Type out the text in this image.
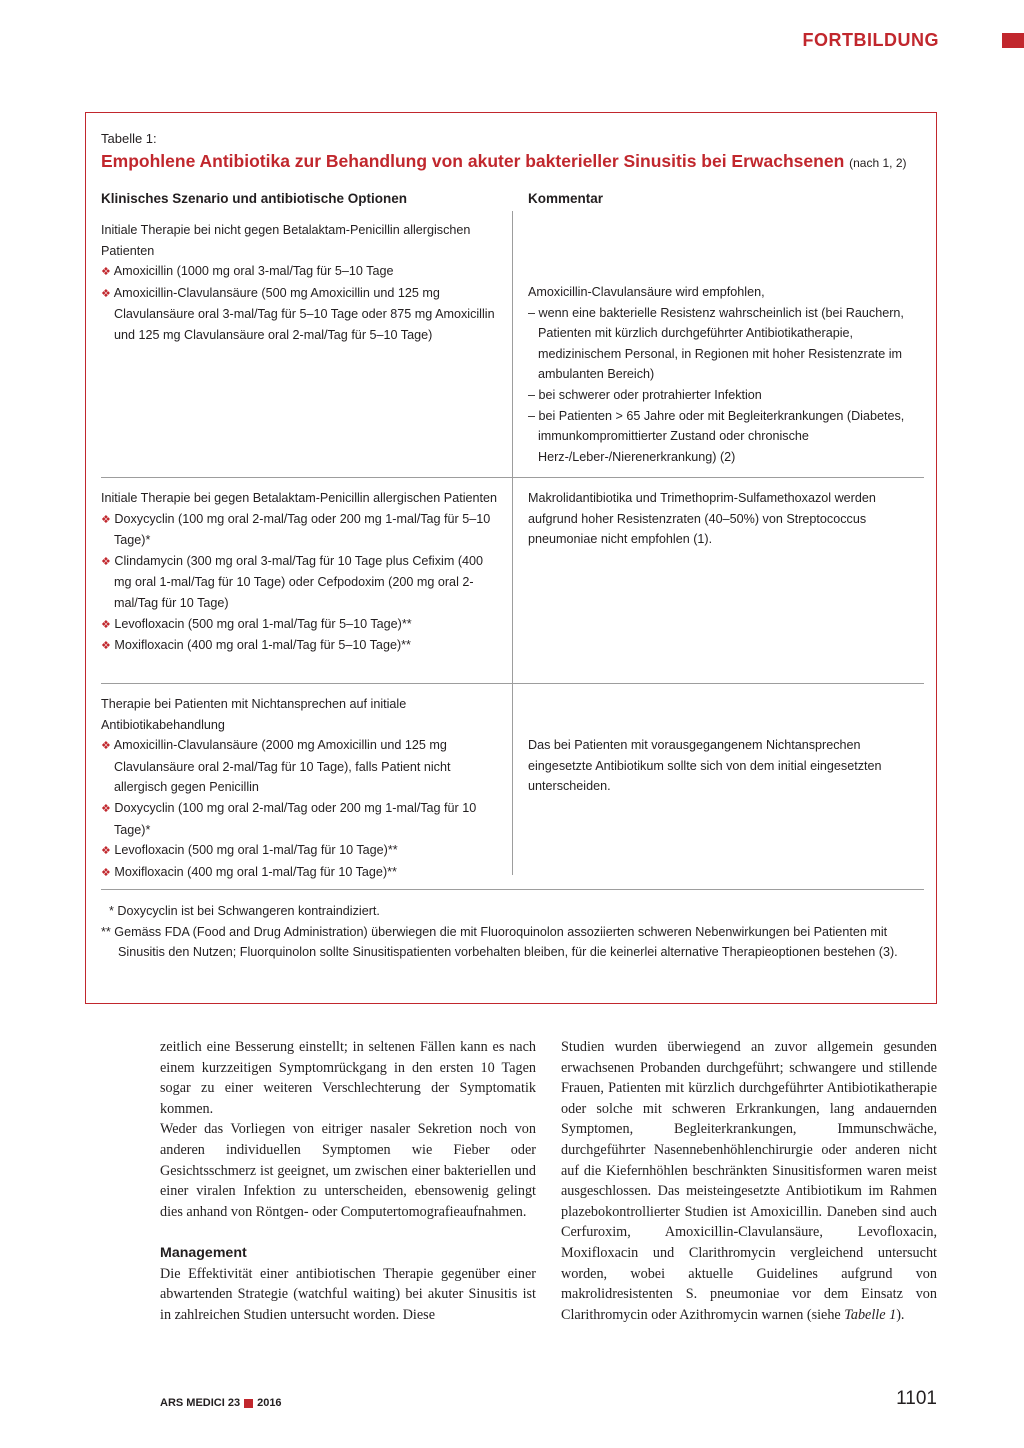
FORTBILDUNG
Tabelle 1:
Empohlene Antibiotika zur Behandlung von akuter bakterieller Sinusitis bei Erwachsenen (nach 1, 2)
Klinisches Szenario und antibiotische Optionen	Kommentar

Initiale Therapie bei nicht gegen Betalaktam-Penicillin allergischen Patienten

❖ Amoxicillin (1000 mg oral 3-mal/Tag für 5–10 Tage

❖ Amoxicillin-Clavulansäure (500 mg Amoxicillin und 125 mg Clavulansäure oral 3-mal/Tag für 5–10 Tage oder 875 mg Amoxicillin und 125 mg Clavulansäure oral 2-mal/Tag für 5–10 Tage)

Amoxicillin-Clavulansäure wird empfohlen,

– wenn eine bakterielle Resistenz wahrscheinlich ist (bei Rauchern, Patienten mit kürzlich durchgeführter Antibiotikatherapie, medizinischem Personal, in Regionen mit hoher Resistenzrate im ambulanten Bereich)

– bei schwerer oder protrahierter Infektion

– bei Patienten > 65 Jahre oder mit Begleiterkrankungen (Diabetes, immunkompromittierter Zustand oder chronische Herz-/Leber-/Nierenerkrankung) (2)

Initiale Therapie bei gegen Betalaktam-Penicillin allergischen Patienten

❖ Doxycyclin (100 mg oral 2-mal/Tag oder 200 mg 1-mal/Tag für 5–10 Tage)*

❖ Clindamycin (300 mg oral 3-mal/Tag für 10 Tage plus Cefixim (400 mg oral 1-mal/Tag für 10 Tage) oder Cefpodoxim (200 mg oral 2-mal/Tag für 10 Tage)

❖ Levofloxacin (500 mg oral 1-mal/Tag für 5–10 Tage)**

❖ Moxifloxacin (400 mg oral 1-mal/Tag für 5–10 Tage)**

Makrolidantibiotika und Trimethoprim-Sulfamethoxazol werden aufgrund hoher Resistenzraten (40–50%) von Streptococcus pneumoniae nicht empfohlen (1).

Therapie bei Patienten mit Nichtansprechen auf initiale Antibiotikabehandlung

❖ Amoxicillin-Clavulansäure (2000 mg Amoxicillin und 125 mg Clavulansäure oral 2-mal/Tag für 10 Tage), falls Patient nicht allergisch gegen Penicillin

❖ Doxycyclin (100 mg oral 2-mal/Tag oder 200 mg 1-mal/Tag für 10 Tage)*

❖ Levofloxacin (500 mg oral 1-mal/Tag für 10 Tage)**

❖ Moxifloxacin (400 mg oral 1-mal/Tag für 10 Tage)**

Das bei Patienten mit vorausgegangenem Nichtansprechen eingesetzte Antibiotikum sollte sich von dem initial eingesetzten unterscheiden.

* Doxycyclin ist bei Schwangeren kontraindiziert.

** Gemäss FDA (Food and Drug Administration) überwiegen die mit Fluoroquinolon assoziierten schweren Nebenwirkungen bei Patienten mit Sinusitis den Nutzen; Fluorquinolon sollte Sinusitispatienten vorbehalten bleiben, für die keinerlei alternative Therapieoptionen bestehen (3).

zeitlich eine Besserung einstellt; in seltenen Fällen kann es nach einem kurzzeitigen Symptomrückgang in den ersten 10 Tagen sogar zu einer weiteren Verschlechterung der Symptomatik kommen.

Weder das Vorliegen von eitriger nasaler Sekretion noch von anderen individuellen Symptomen wie Fieber oder Gesichtsschmerz ist geeignet, um zwischen einer bakteriellen und einer viralen Infektion zu unterscheiden, ebensowenig gelingt dies anhand von Röntgen- oder Computertomografieaufnahmen.

Management

Die Effektivität einer antibiotischen Therapie gegenüber einer abwartenden Strategie (watchful waiting) bei akuter Sinusitis ist in zahlreichen Studien untersucht worden. Diese

Studien wurden überwiegend an zuvor allgemein gesunden erwachsenen Probanden durchgeführt; schwangere und stillende Frauen, Patienten mit kürzlich durchgeführter Antibiotikatherapie oder solche mit schweren Erkrankungen, lang andauernden Symptomen, Begleiterkrankungen, Immunschwäche, durchgeführter Nasennebenhöhlenchirurgie oder anderen nicht auf die Kiefernhöhlen beschränkten Sinusitisformen waren meist ausgeschlossen. Das meisteingesetzte Antibiotikum im Rahmen plazebokontrollierter Studien ist Amoxicillin. Daneben sind auch Cerfuroxim, Amoxicillin-Clavulansäure, Levofloxacin, Moxifloxacin und Clarithromycin vergleichend untersucht worden, wobei aktuelle Guidelines aufgrund von makrolidresistenten S. pneumoniae vor dem Einsatz von Clarithromycin oder Azithromycin warnen (siehe Tabelle 1).

ARS MEDICI 23 2016	1101
